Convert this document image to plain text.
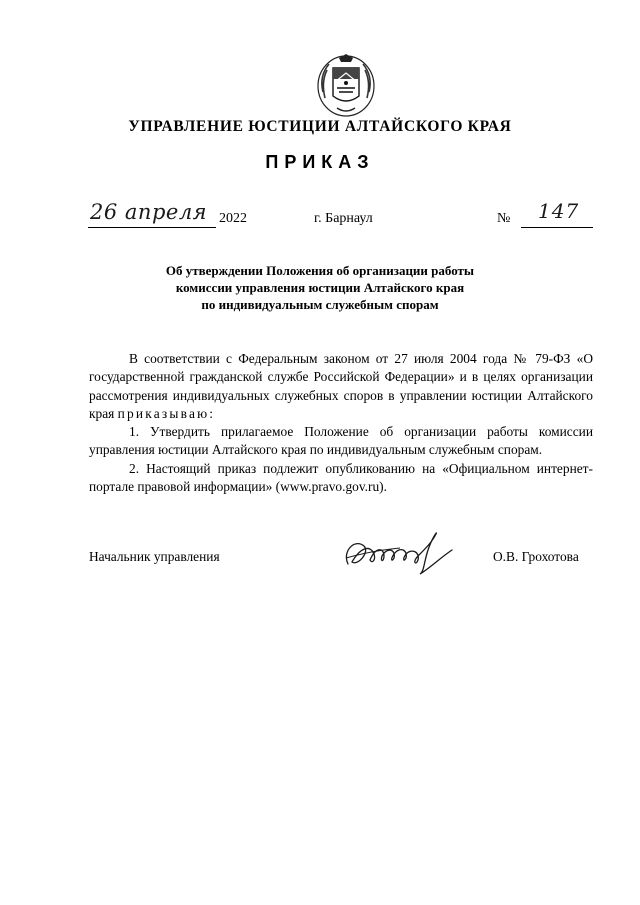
УПРАВЛЕНИЕ ЮСТИЦИИ АЛТАЙСКОГО КРАЯ
ПРИКАЗ
26 апреля 2022	г. Барнаул	№ 147
Об утверждении Положения об организации работы
комиссии управления юстиции Алтайского края
по индивидуальным служебным спорам

В соответствии с Федеральным законом от 27 июля 2004 года № 79-ФЗ «О государственной гражданской службе Российской Федерации» и в целях организации рассмотрения индивидуальных служебных споров в управлении юстиции Алтайского края приказываю:

1. Утвердить прилагаемое Положение об организации работы комиссии управления юстиции Алтайского края по индивидуальным служебным спорам.

2. Настоящий приказ подлежит опубликованию на «Официальном интернет-портале правовой информации» (www.pravo.gov.ru).

Начальник управления	О.В. Грохотова
